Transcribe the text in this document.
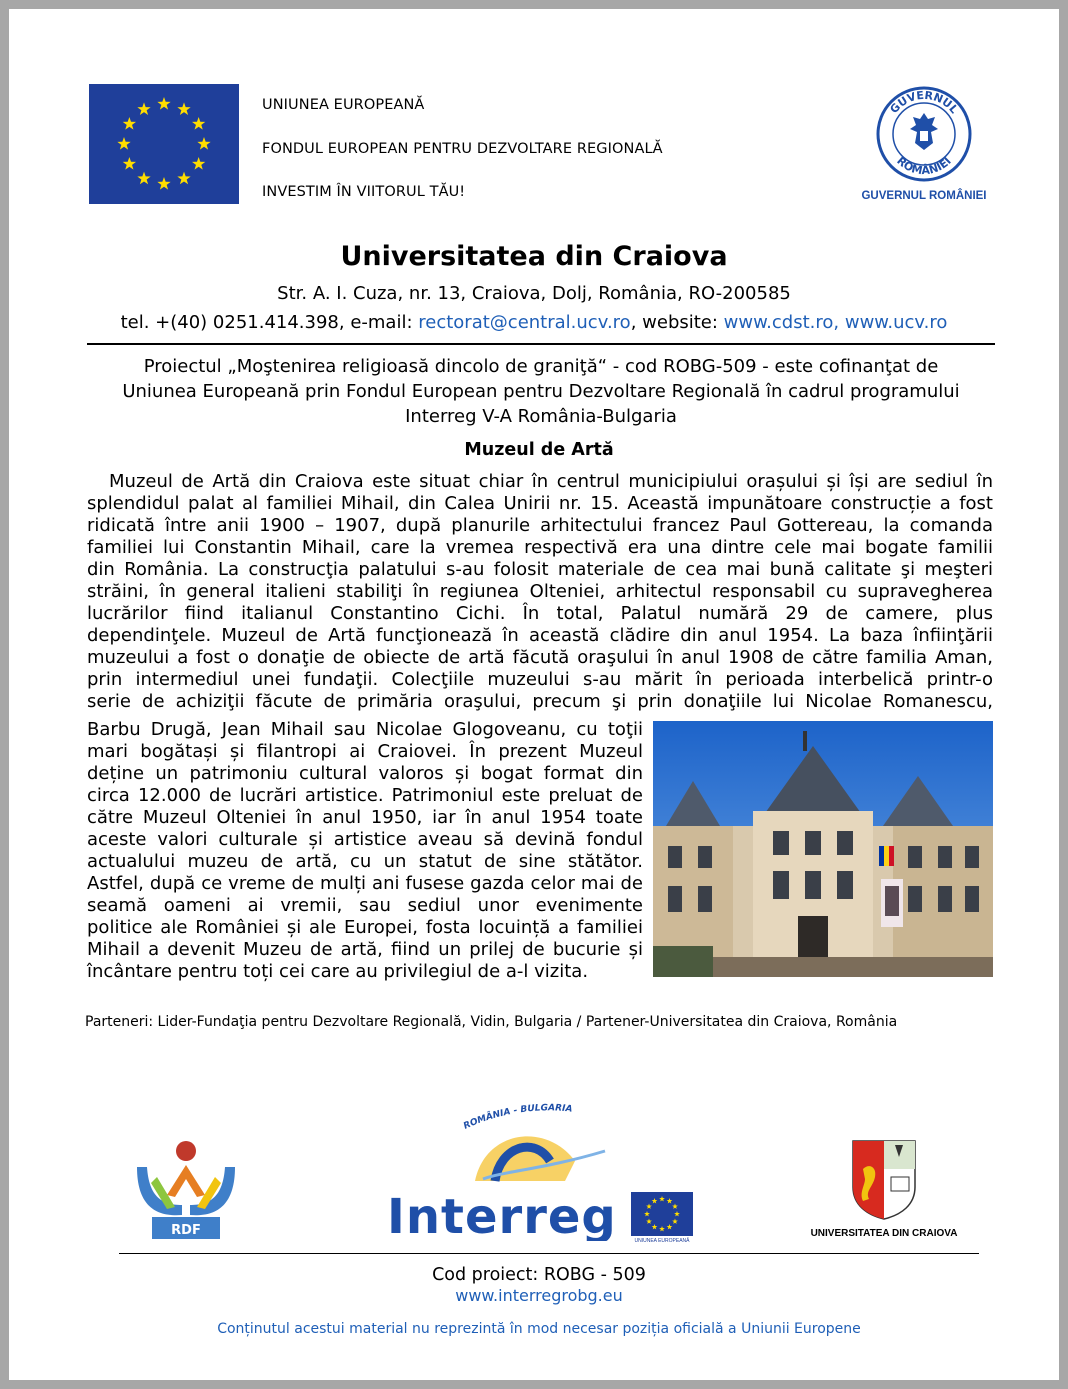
UNIUNEA EUROPEANĂ
FONDUL EUROPEAN PENTRU DEZVOLTARE REGIONALĂ
INVESTIM ÎN VIITORUL TĂU!
GUVERNUL
ROMÂNIEI
GUVERNUL ROMÂNIEI
Universitatea din Craiova
Str. A. I. Cuza, nr. 13, Craiova, Dolj, România, RO-200585
tel. +(40) 0251.414.398, e-mail: rectorat@central.ucv.ro, website: www.cdst.ro, www.ucv.ro
Proiectul „Moştenirea religioasă dincolo de graniţă“ - cod ROBG-509 - este cofinanţat de
Uniunea Europeană prin Fondul European pentru Dezvoltare Regională în cadrul programului
Interreg V-A România-Bulgaria
Muzeul de Artă
Muzeul de Artă din Craiova este situat chiar în centrul municipiului orașului și își are sediul în
splendidul palat al familiei Mihail, din Calea Unirii nr. 15. Această impunătoare construcție a fost
ridicată între anii 1900 – 1907, după planurile arhitectului francez Paul Gottereau, la comanda
familiei lui Constantin Mihail, care la vremea respectivă era una dintre cele mai bogate familii
din România. La construcţia palatului s-au folosit materiale de cea mai bună calitate şi meşteri
străini, în general italieni stabiliţi în regiunea Olteniei, arhitectul responsabil cu supravegherea
lucrărilor fiind italianul Constantino Cichi. În total, Palatul numără 29 de camere, plus
dependinţele. Muzeul de Artă funcţionează în această clădire din anul 1954. La baza înfiinţării
muzeului a fost o donaţie de obiecte de artă făcută oraşului în anul 1908 de către familia Aman,
prin intermediul unei fundaţii. Colecţiile muzeului s-au mărit în perioada interbelică printr-o
serie de achiziţii făcute de primăria oraşului, precum şi prin donaţiile lui Nicolae Romanescu,
Barbu Drugă, Jean Mihail sau Nicolae Glogoveanu, cu toţii
mari bogătași și filantropi ai Craiovei. În prezent Muzeul
deține un patrimoniu cultural valoros și bogat format din
circa 12.000 de lucrări artistice. Patrimoniul este preluat de
către Muzeul Olteniei în anul 1950, iar în anul 1954 toate
aceste valori culturale și artistice aveau să devină fondul
actualului muzeu de artă, cu un statut de sine stătător.
Astfel, după ce vreme de mulți ani fusese gazda celor mai de
seamă oameni ai vremii, sau sediul unor evenimente
politice ale României și ale Europei, fosta locuință a familiei
Mihail a devenit Muzeu de artă, fiind un prilej de bucurie și
încântare pentru toți cei care au privilegiul de a-l vizita.
Parteneri: Lider-Fundaţia pentru Dezvoltare Regională, Vidin, Bulgaria / Partener-Universitatea din Craiova, România
RDF
ROMÂNIA - BULGARIA
Interreg	UNIUNEA EUROPEANĂ
UNIVERSITATEA DIN CRAIOVA
Cod proiect: ROBG - 509
www.interregrobg.eu
Conținutul acestui material nu reprezintă în mod necesar poziția oficială a Uniunii Europene
